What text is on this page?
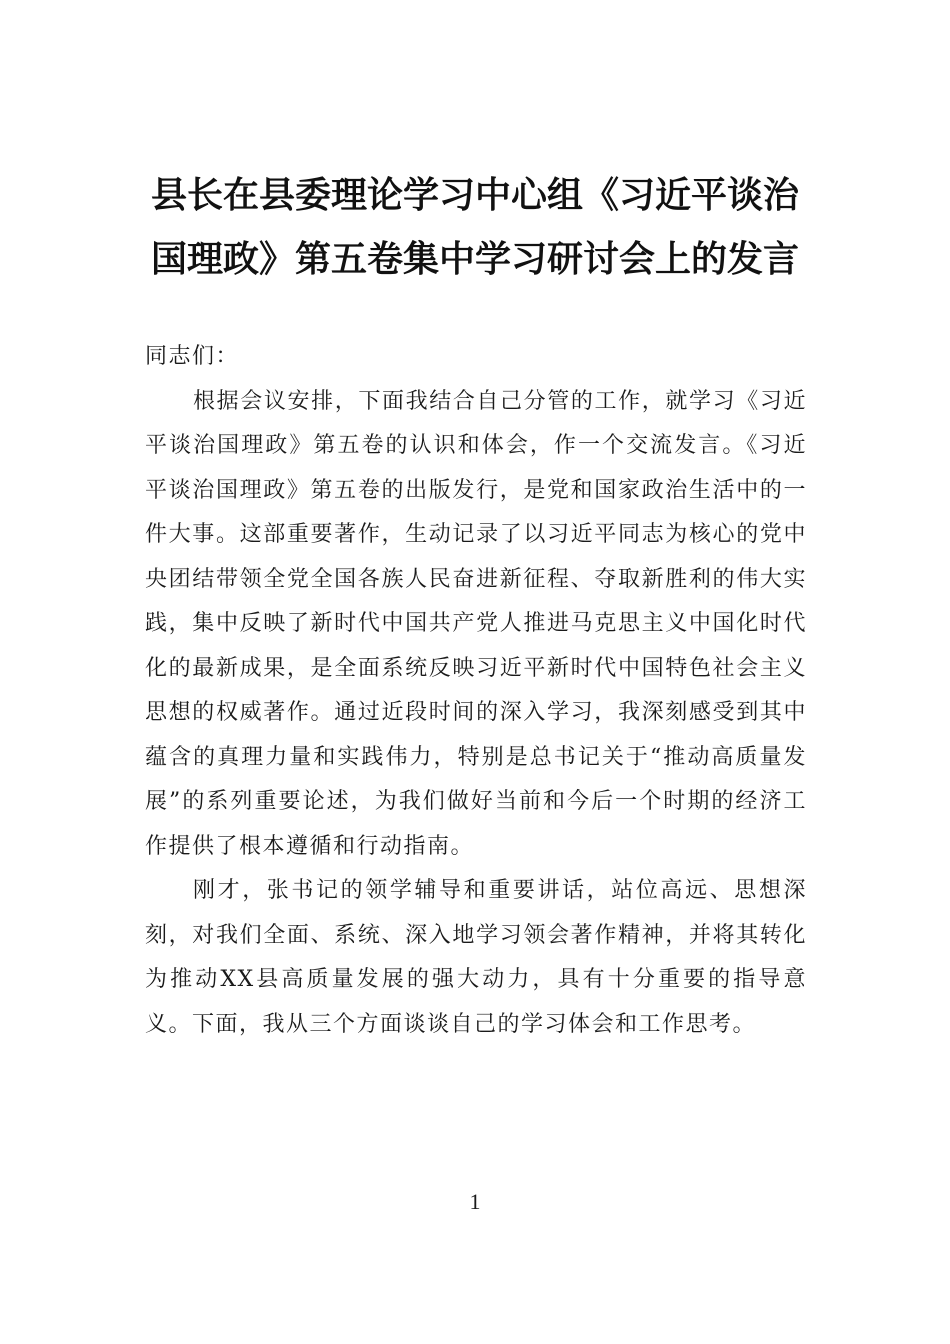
县长在县委理论学习中心组《习近平谈治
国理政》第五卷集中学习研讨会上的发言

同志们：

根据会议安排，下面我结合自己分管的工作，就学习《习近平谈治国理政》第五卷的认识和体会，作一个交流发言。《习近平谈治国理政》第五卷的出版发行，是党和国家政治生活中的一件大事。这部重要著作，生动记录了以习近平同志为核心的党中央团结带领全党全国各族人民奋进新征程、夺取新胜利的伟大实践，集中反映了新时代中国共产党人推进马克思主义中国化时代化的最新成果，是全面系统反映习近平新时代中国特色社会主义思想的权威著作。通过近段时间的深入学习，我深刻感受到其中蕴含的真理力量和实践伟力，特别是总书记关于“推动高质量发展”的系列重要论述，为我们做好当前和今后一个时期的经济工作提供了根本遵循和行动指南。

刚才，张书记的领学辅导和重要讲话，站位高远、思想深刻，对我们全面、系统、深入地学习领会著作精神，并将其转化为推动XX县高质量发展的强大动力，具有十分重要的指导意义。下面，我从三个方面谈谈自己的学习体会和工作思考。

1
